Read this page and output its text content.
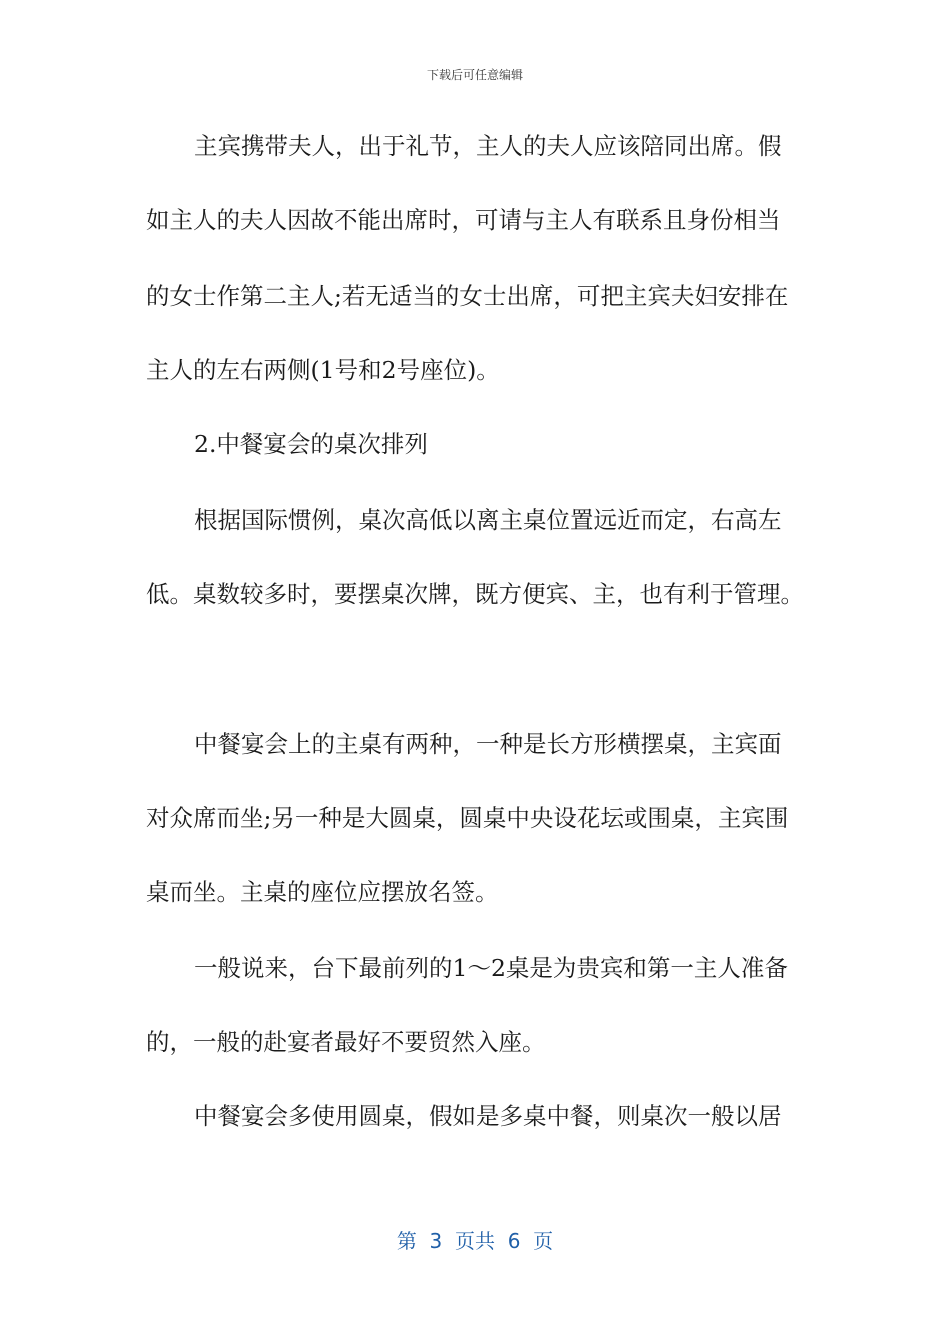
下载后可任意编辑
主宾携带夫人，出于礼节，主人的夫人应该陪同出席。假
如主人的夫人因故不能出席时，可请与主人有联系且身份相当
的女士作第二主人;若无适当的女士出席，可把主宾夫妇安排在
主人的左右两侧(1号和2号座位)。
2.中餐宴会的桌次排列
根据国际惯例，桌次高低以离主桌位置远近而定，右高左
低。桌数较多时，要摆桌次牌，既方便宾、主，也有利于管理。
中餐宴会上的主桌有两种，一种是长方形横摆桌，主宾面
对众席而坐;另一种是大圆桌，圆桌中央设花坛或围桌，主宾围
桌而坐。主桌的座位应摆放名签。
一般说来，台下最前列的1～2桌是为贵宾和第一主人准备
的，一般的赴宴者最好不要贸然入座。
中餐宴会多使用圆桌，假如是多桌中餐，则桌次一般以居
第  3  页共  6  页
